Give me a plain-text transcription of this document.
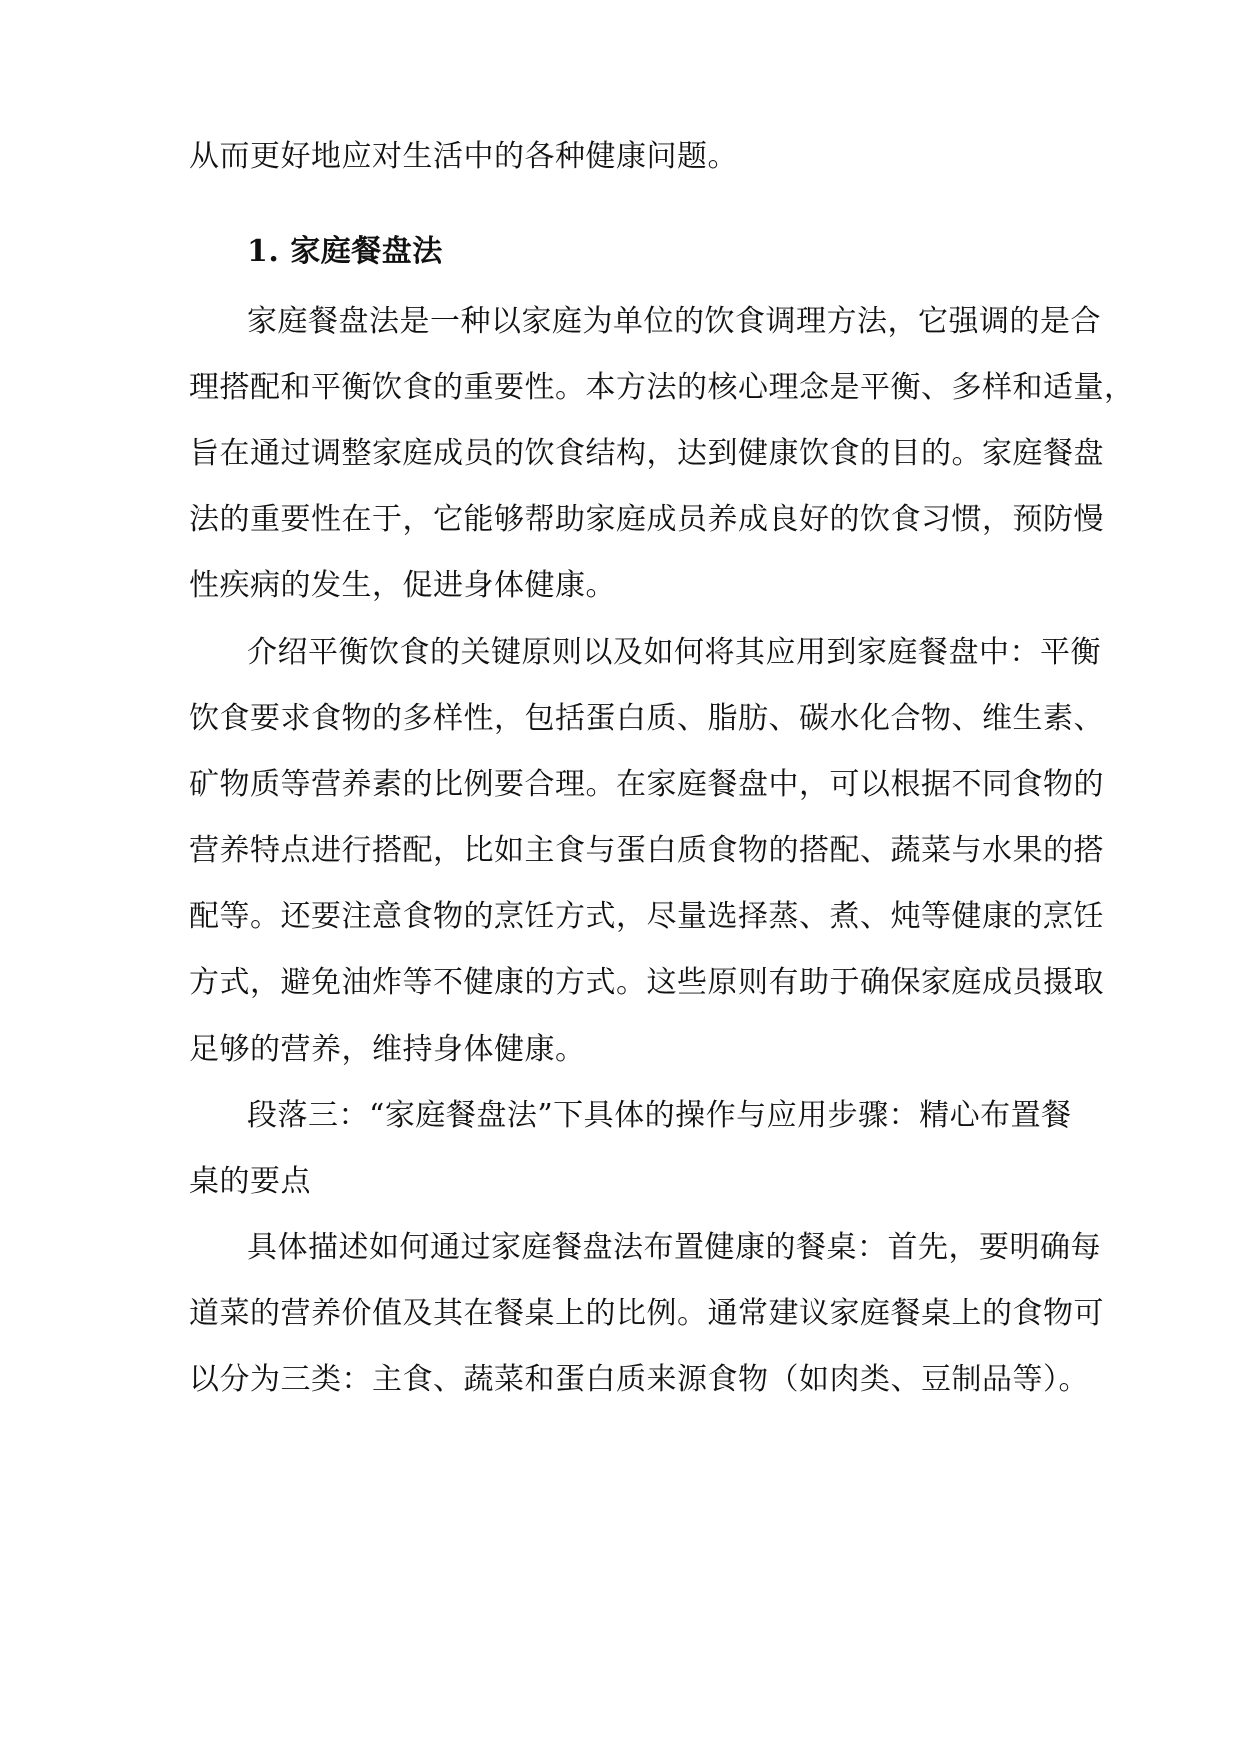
从而更好地应对生活中的各种健康问题。
1. 家庭餐盘法
家庭餐盘法是一种以家庭为单位的饮食调理方法，它强调的是合
理搭配和平衡饮食的重要性。本方法的核心理念是平衡、多样和适量，
旨在通过调整家庭成员的饮食结构，达到健康饮食的目的。家庭餐盘
法的重要性在于，它能够帮助家庭成员养成良好的饮食习惯，预防慢
性疾病的发生，促进身体健康。
介绍平衡饮食的关键原则以及如何将其应用到家庭餐盘中：平衡
饮食要求食物的多样性，包括蛋白质、脂肪、碳水化合物、维生素、
矿物质等营养素的比例要合理。在家庭餐盘中，可以根据不同食物的
营养特点进行搭配，比如主食与蛋白质食物的搭配、蔬菜与水果的搭
配等。还要注意食物的烹饪方式，尽量选择蒸、煮、炖等健康的烹饪
方式，避免油炸等不健康的方式。这些原则有助于确保家庭成员摄取
足够的营养，维持身体健康。
段落三：“家庭餐盘法”下具体的操作与应用步骤：精心布置餐
桌的要点
具体描述如何通过家庭餐盘法布置健康的餐桌：首先，要明确每
道菜的营养价值及其在餐桌上的比例。通常建议家庭餐桌上的食物可
以分为三类：主食、蔬菜和蛋白质来源食物（如肉类、豆制品等）。
